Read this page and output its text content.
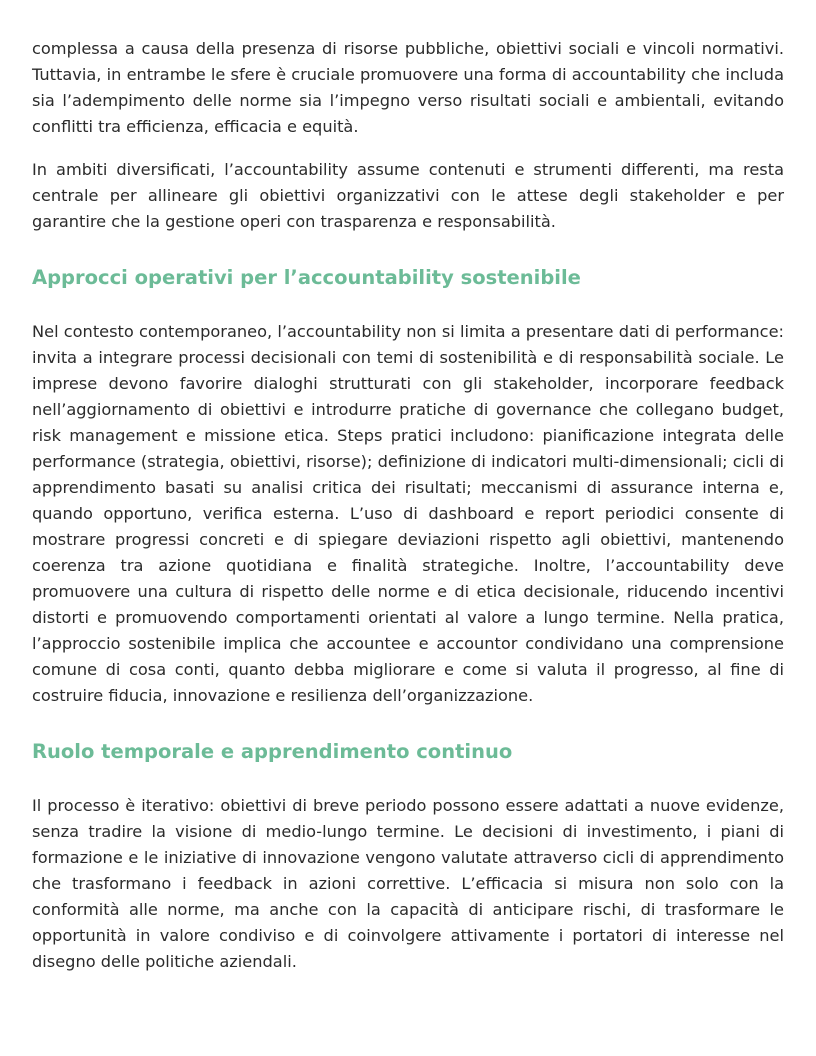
complessa a causa della presenza di risorse pubbliche, obiettivi sociali e vincoli normativi. Tuttavia, in entrambe le sfere è cruciale promuovere una forma di accountability che includa sia l’adempimento delle norme sia l’impegno verso risultati sociali e ambientali, evitando conflitti tra efficienza, efficacia e equità.

In ambiti diversificati, l’accountability assume contenuti e strumenti differenti, ma resta centrale per allineare gli obiettivi organizzativi con le attese degli stakeholder e per garantire che la gestione operi con trasparenza e responsabilità.

Approcci operativi per l’accountability sostenibile

Nel contesto contemporaneo, l’accountability non si limita a presentare dati di performance: invita a integrare processi decisionali con temi di sostenibilità e di responsabilità sociale. Le imprese devono favorire dialoghi strutturati con gli stakeholder, incorporare feedback nell’aggiornamento di obiettivi e introdurre pratiche di governance che collegano budget, risk management e missione etica. Steps pratici includono: pianificazione integrata delle performance (strategia, obiettivi, risorse); definizione di indicatori multi-dimensionali; cicli di apprendimento basati su analisi critica dei risultati; meccanismi di assurance interna e, quando opportuno, verifica esterna. L’uso di dashboard e report periodici consente di mostrare progressi concreti e di spiegare deviazioni rispetto agli obiettivi, mantenendo coerenza tra azione quotidiana e finalità strategiche. Inoltre, l’accountability deve promuovere una cultura di rispetto delle norme e di etica decisionale, riducendo incentivi distorti e promuovendo comportamenti orientati al valore a lungo termine. Nella pratica, l’approccio sostenibile implica che accountee e accountor condividano una comprensione comune di cosa conti, quanto debba migliorare e come si valuta il progresso, al fine di costruire fiducia, innovazione e resilienza dell’organizzazione.

Ruolo temporale e apprendimento continuo

Il processo è iterativo: obiettivi di breve periodo possono essere adattati a nuove evidenze, senza tradire la visione di medio-lungo termine. Le decisioni di investimento, i piani di formazione e le iniziative di innovazione vengono valutate attraverso cicli di apprendimento che trasformano i feedback in azioni correttive. L’efficacia si misura non solo con la conformità alle norme, ma anche con la capacità di anticipare rischi, di trasformare le opportunità in valore condiviso e di coinvolgere attivamente i portatori di interesse nel disegno delle politiche aziendali.
